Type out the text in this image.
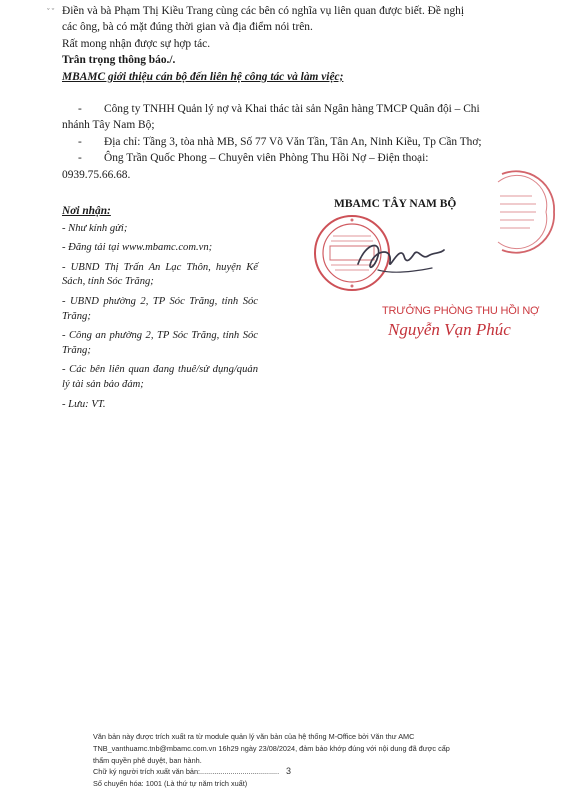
ˇ ˇ Điền và bà Phạm Thị Kiều Trang cùng các bên có nghĩa vụ liên quan được biết. Đề nghị

các ông, bà có mặt đúng thời gian và địa điểm nói trên.

Rất mong nhận được sự hợp tác.

Trân trọng thông báo./.

MBAMC giới thiệu cán bộ đến liên hệ công tác và làm việc;

-	Công ty TNHH Quản lý nợ và Khai thác tài sản Ngân hàng TMCP Quân đội – Chi

nhánh Tây Nam Bộ;

-	Địa chỉ: Tầng 3, tòa nhà MB, Số 77 Võ Văn Tần, Tân An, Ninh Kiều, Tp Cần Thơ;
-	Ông Trần Quốc Phong – Chuyên viên Phòng Thu Hồi Nợ – Điện thoại:

0939.75.66.68.

Nơi nhận:

- Như kính gửi;

- Đăng tải tại www.mbamc.com.vn;

- UBND Thị Trấn An Lạc Thôn, huyện Kế Sách, tỉnh Sóc Trăng;

- UBND phường 2, TP Sóc Trăng, tỉnh Sóc Trăng;

- Công an phường 2, TP Sóc Trăng, tỉnh Sóc Trăng;

- Các bên liên quan đang thuê/sử dụng/quản lý tài sản bảo đảm;

- Lưu: VT.

MBAMC TÂY NAM BỘ
TRƯỞNG PHÒNG THU HỒI NỢ
Nguyễn Vạn Phúc

Văn bản này được trích xuất ra từ module quản lý văn bản của hệ thống M-Office bởi Văn thư AMC

TNB_vanthuamc.tnb@mbamc.com.vn 16h29 ngày 23/08/2024, đảm bảo khớp đúng với nội dung đã được cấp

thẩm quyền phê duyệt, ban hành.

Chữ ký người trích xuất văn bản:.......................................

Số chuyển hóa: 1001 (Là thứ tự năm trích xuất)

3
